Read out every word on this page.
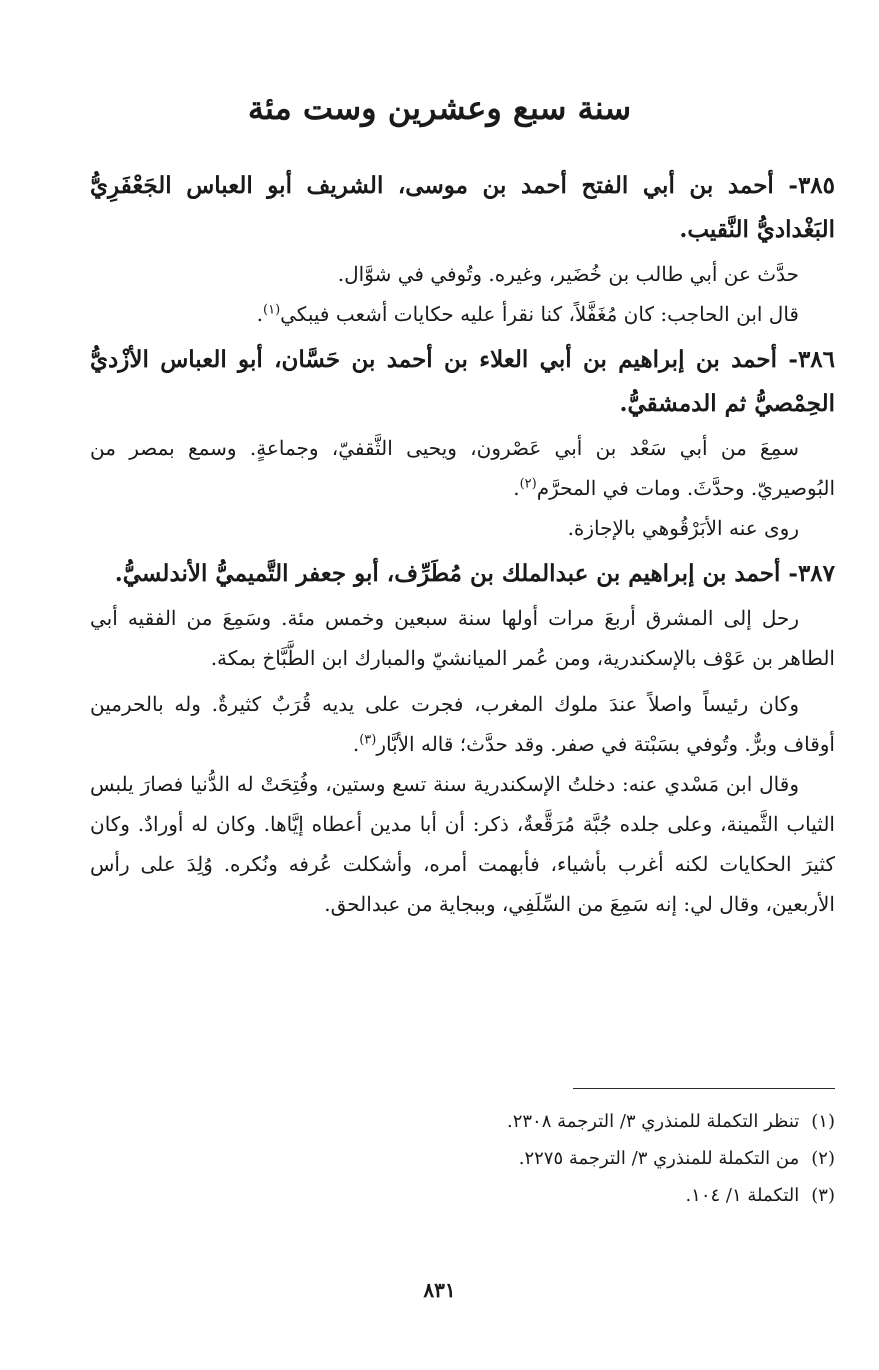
سنة سبع وعشرين وست مئة

٣٨٥- أحمد بن أبي الفتح أحمد بن موسى، الشريف أبو العباس الجَعْفَرِيُّ البَغْداديُّ النَّقيب.

حدَّث عن أبي طالب بن خُضَير، وغيره. وتُوفي في شوَّال.

قال ابن الحاجب: كان مُغَفَّلاً، كنا نقرأ عليه حكايات أشعب فيبكي$^{(١)}$.

٣٨٦- أحمد بن إبراهيم بن أبي العلاء بن أحمد بن حَسَّان، أبو العباس الأزْديُّ الحِمْصيُّ ثم الدمشقيُّ.

سمِعَ من أبي سَعْد بن أبي عَصْرون، ويحيى الثَّقفيّ، وجماعةٍ. وسمع بمصر من البُوصيريّ. وحدَّثَ. ومات في المحرَّم$^{(٢)}$.

روى عنه الأبَرْقُوهي بالإجازة.

٣٨٧- أحمد بن إبراهيم بن عبدالملك بن مُطَرِّف، أبو جعفر التَّميميُّ الأندلسيُّ.

رحل إلى المشرق أربعَ مرات أولها سنة سبعين وخمس مئة. وسَمِعَ من الفقيه أبي الطاهر بن عَوْف بالإسكندرية، ومن عُمر الميانشيّ والمبارك ابن الطَّبَّاخ بمكة.

وكان رئيساً واصلاً عندَ ملوك المغرب، فجرت على يديه قُرَبٌ كثيرةٌ. وله بالحرمين أوقاف وبرٌّ. وتُوفي بسَبْتة في صفر. وقد حدَّث؛ قاله الأبَّار$^{(٣)}$.

وقال ابن مَسْدي عنه: دخلتُ الإسكندرية سنة تسع وستين، وفُتِحَتْ له الدُّنيا فصارَ يلبس الثياب الثَّمينة، وعلى جلده جُبَّة مُرَقَّعةٌ، ذكر: أن أبا مدين أعطاه إيَّاها. وكان له أورادٌ. وكان كثيرَ الحكايات لكنه أغرب بأشياء، فأبهمت أمره، وأشكلت عُرفه ونُكره. وُلِدَ على رأس الأربعين، وقال لي: إنه سَمِعَ من السِّلَفِي، وببجاية من عبدالحق.

(١)تنظر التكملة للمنذري ٣/ الترجمة ٢٣٠٨.

(٢)من التكملة للمنذري ٣/ الترجمة ٢٢٧٥.

(٣)التكملة ١/ ١٠٤.

٨٣١
